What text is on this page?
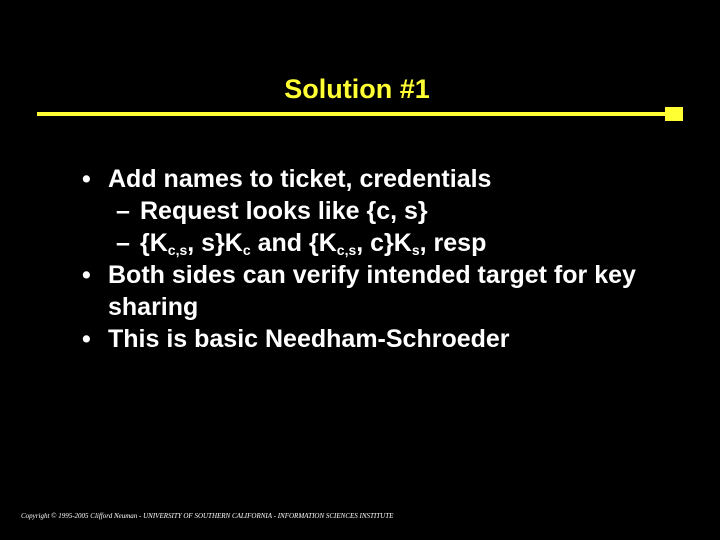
Solution #1
• Add names to ticket, credentials
– Request looks like {c, s}
– {$K_{c,s}$, $s\}K_c$ and {$K_{c,s}$, $c\}K_s$, resp
• Both sides can verify intended target for key sharing
• This is basic Needham-Schroeder
Copyright © 1995-2005 Clifford Neuman - UNIVERSITY OF SOUTHERN CALIFORNIA - INFORMATION SCIENCES INSTITUTE
